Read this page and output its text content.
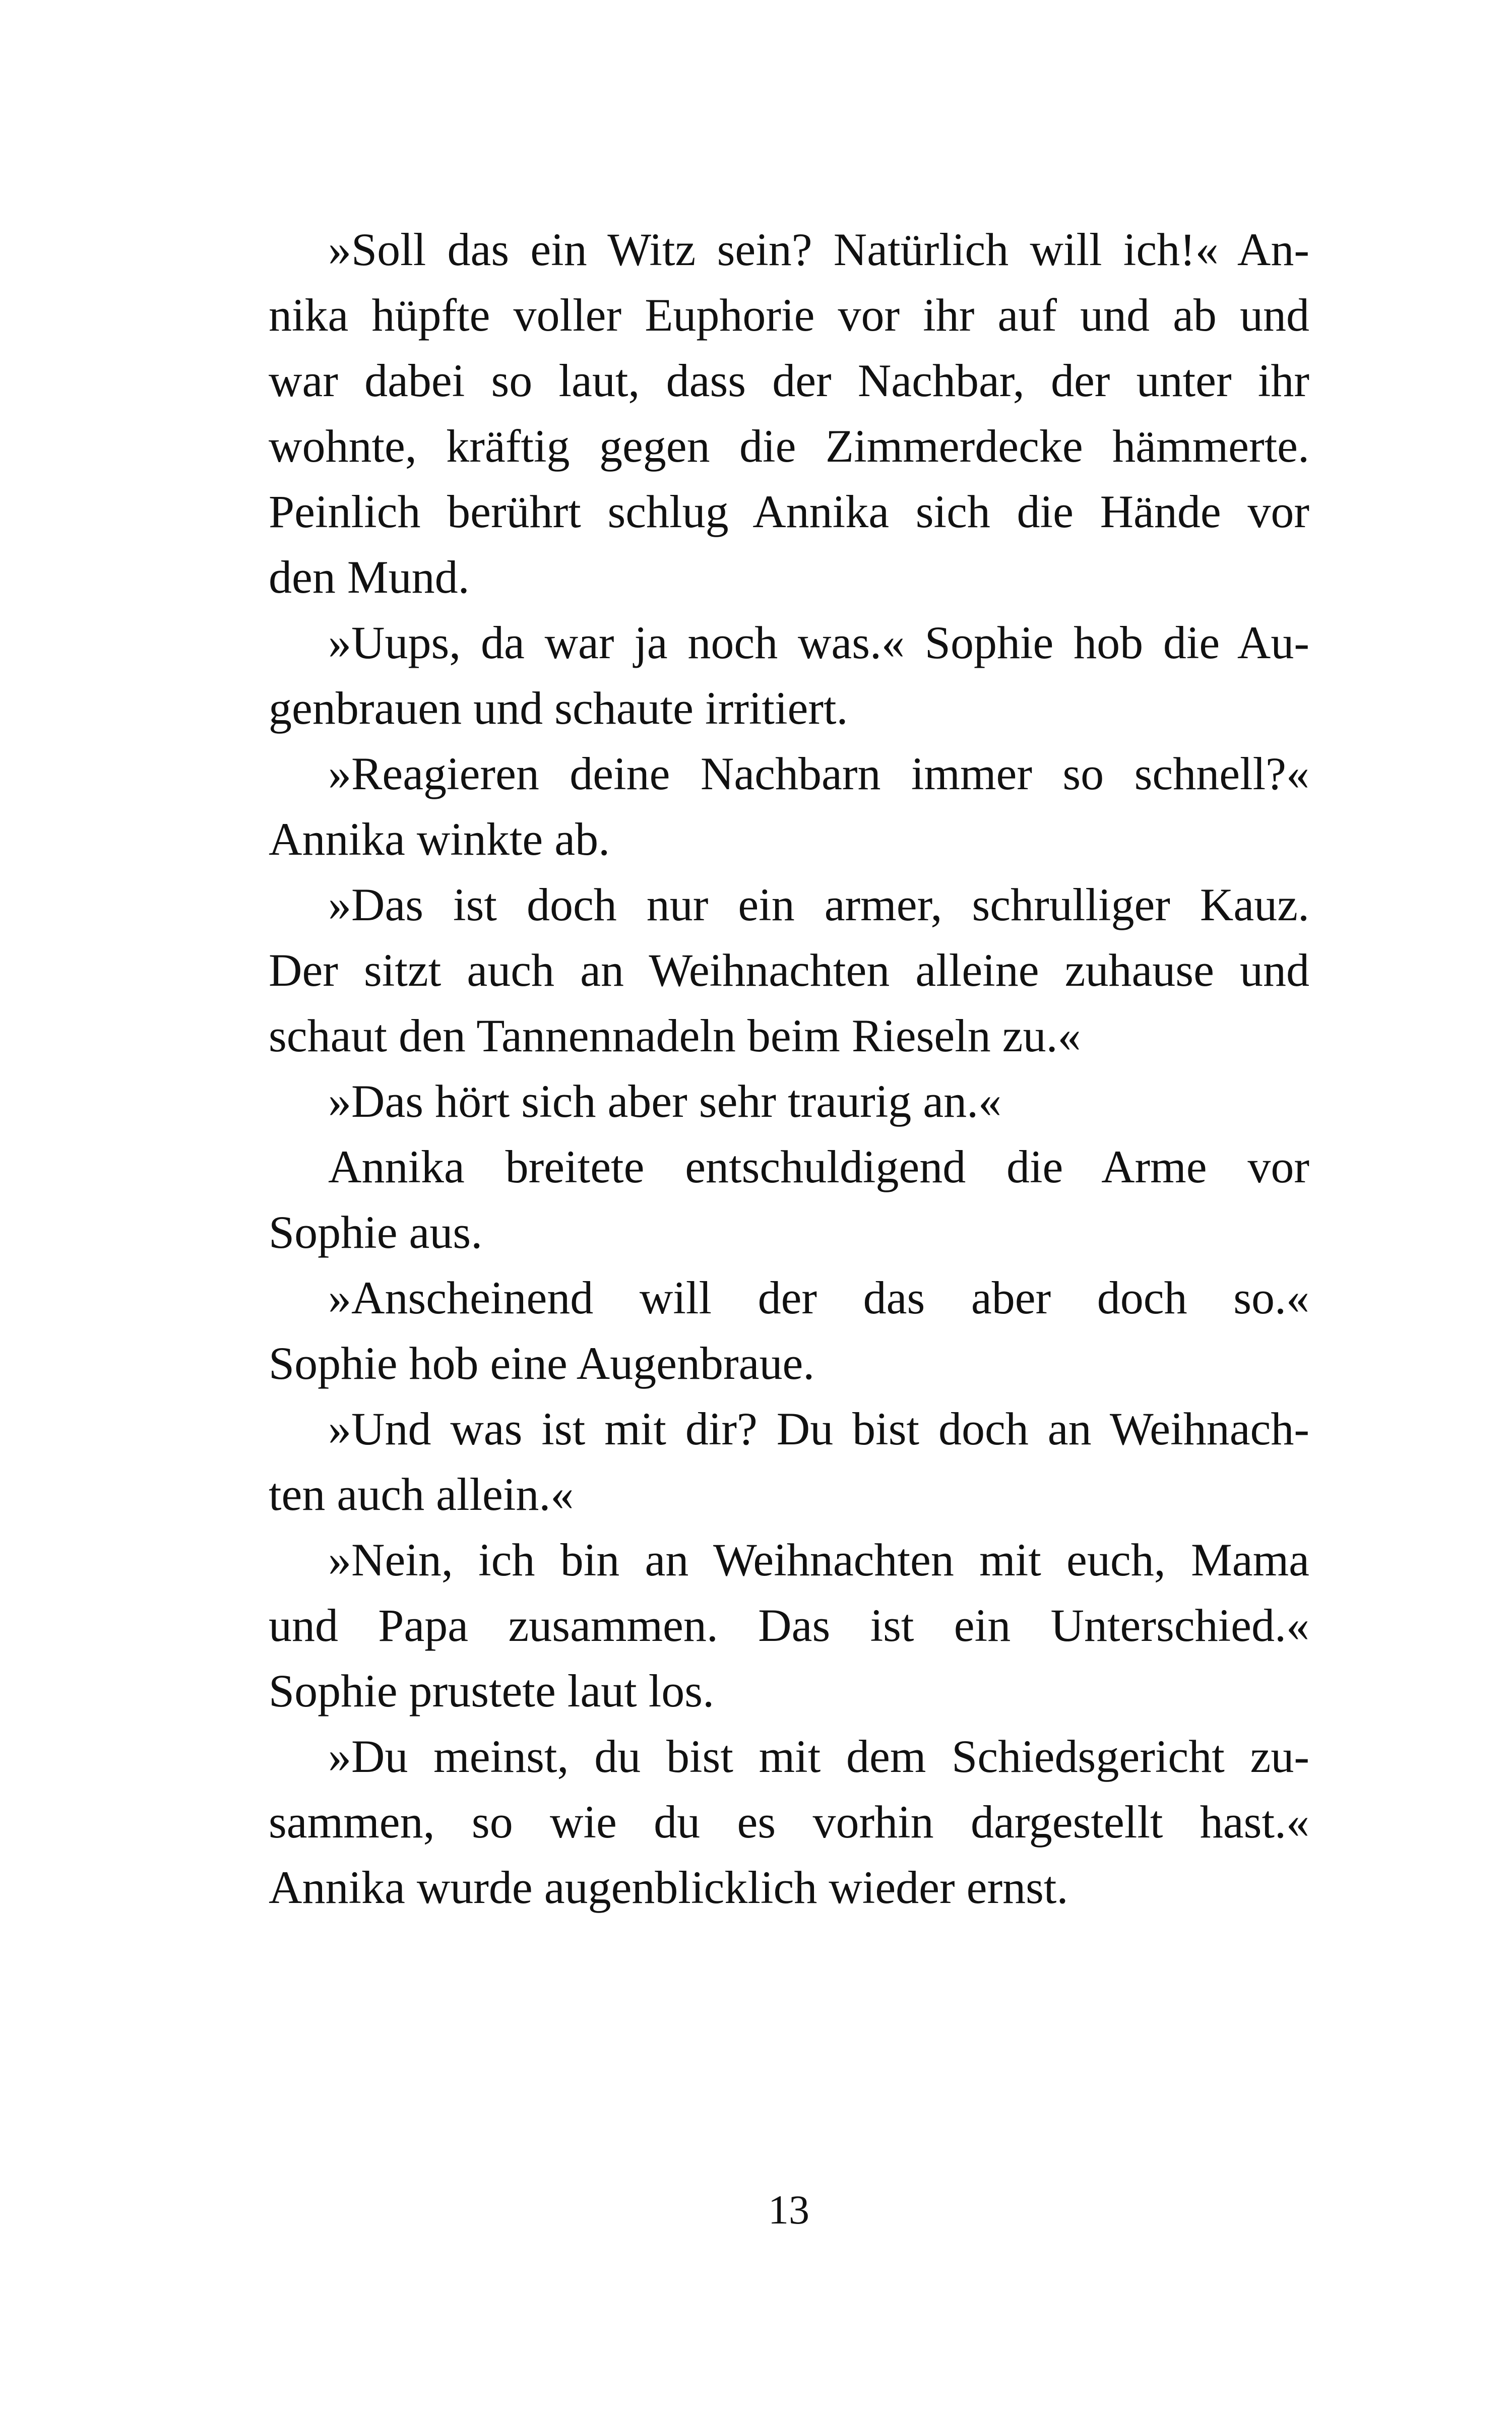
»Soll das ein Witz sein? Natürlich will ich!« An-
nika hüpfte voller Euphorie vor ihr auf und ab und
war dabei so laut, dass der Nachbar, der unter ihr
wohnte, kräftig gegen die Zimmerdecke hämmerte.
Peinlich berührt schlug Annika sich die Hände vor
den Mund.
»Uups, da war ja noch was.« Sophie hob die Au-
genbrauen und schaute irritiert.
»Reagieren deine Nachbarn immer so schnell?«
Annika winkte ab.
»Das ist doch nur ein armer, schrulliger Kauz.
Der sitzt auch an Weihnachten alleine zuhause und
schaut den Tannennadeln beim Rieseln zu.«
»Das hört sich aber sehr traurig an.«
Annika breitete entschuldigend die Arme vor
Sophie aus.
»Anscheinend will der das aber doch so.«
Sophie hob eine Augenbraue.
»Und was ist mit dir? Du bist doch an Weihnach-
ten auch allein.«
»Nein, ich bin an Weihnachten mit euch, Mama
und Papa zusammen. Das ist ein Unterschied.«
Sophie prustete laut los.
»Du meinst, du bist mit dem Schiedsgericht zu-
sammen, so wie du es vorhin dargestellt hast.«
Annika wurde augenblicklich wieder ernst.
13
